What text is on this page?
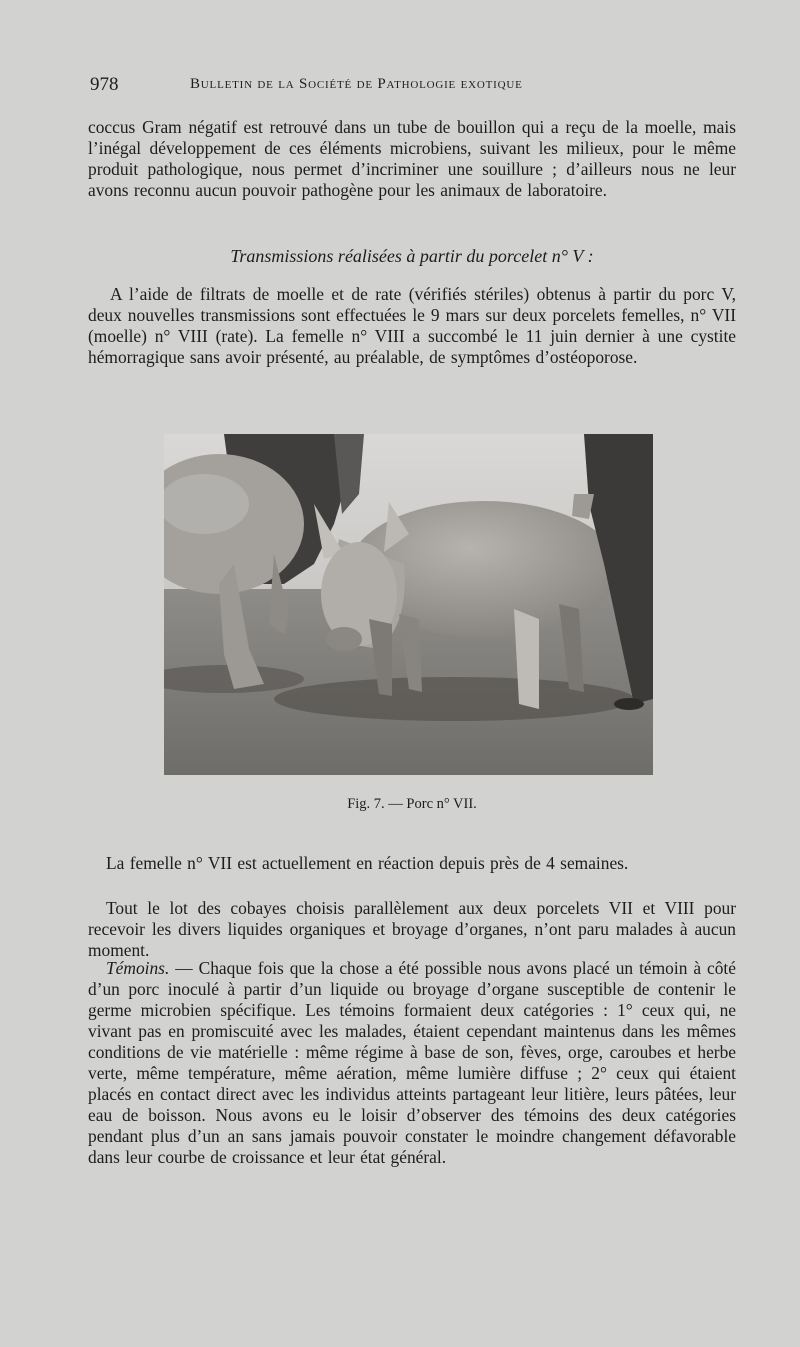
978	Bulletin de la Société de Pathologie exotique

coccus Gram négatif est retrouvé dans un tube de bouillon qui a reçu de la moelle, mais l’inégal développement de ces éléments microbiens, suivant les milieux, pour le même produit pathologique, nous permet d’incriminer une souillure ; d’ailleurs nous ne leur avons reconnu aucun pouvoir pathogène pour les animaux de laboratoire.

Transmissions réalisées à partir du porcelet n° V :

A l’aide de filtrats de moelle et de rate (vérifiés stériles) obtenus à partir du porc V, deux nouvelles transmissions sont effectuées le 9 mars sur deux porcelets femelles, n° VII (moelle) n° VIII (rate). La femelle n° VIII a succombé le 11 juin dernier à une cystite hémorragique sans avoir présenté, au préalable, de symptômes d’ostéoporose.

Fig. 7. — Porc n° VII.

La femelle n° VII est actuellement en réaction depuis près de 4 semaines.

Tout le lot des cobayes choisis parallèlement aux deux porcelets VII et VIII pour recevoir les divers liquides organiques et broyage d’organes, n’ont paru malades à aucun moment.

Témoins. — Chaque fois que la chose a été possible nous avons placé un témoin à côté d’un porc inoculé à partir d’un liquide ou broyage d’organe susceptible de contenir le germe microbien spécifique. Les témoins formaient deux catégories : 1° ceux qui, ne vivant pas en promiscuité avec les malades, étaient cependant maintenus dans les mêmes conditions de vie matérielle : même régime à base de son, fèves, orge, caroubes et herbe verte, même température, même aération, même lumière diffuse ; 2° ceux qui étaient placés en contact direct avec les individus atteints partageant leur litière, leurs pâtées, leur eau de boisson. Nous avons eu le loisir d’observer des témoins des deux catégories pendant plus d’un an sans jamais pouvoir constater le moindre changement défavorable dans leur courbe de croissance et leur état général.
